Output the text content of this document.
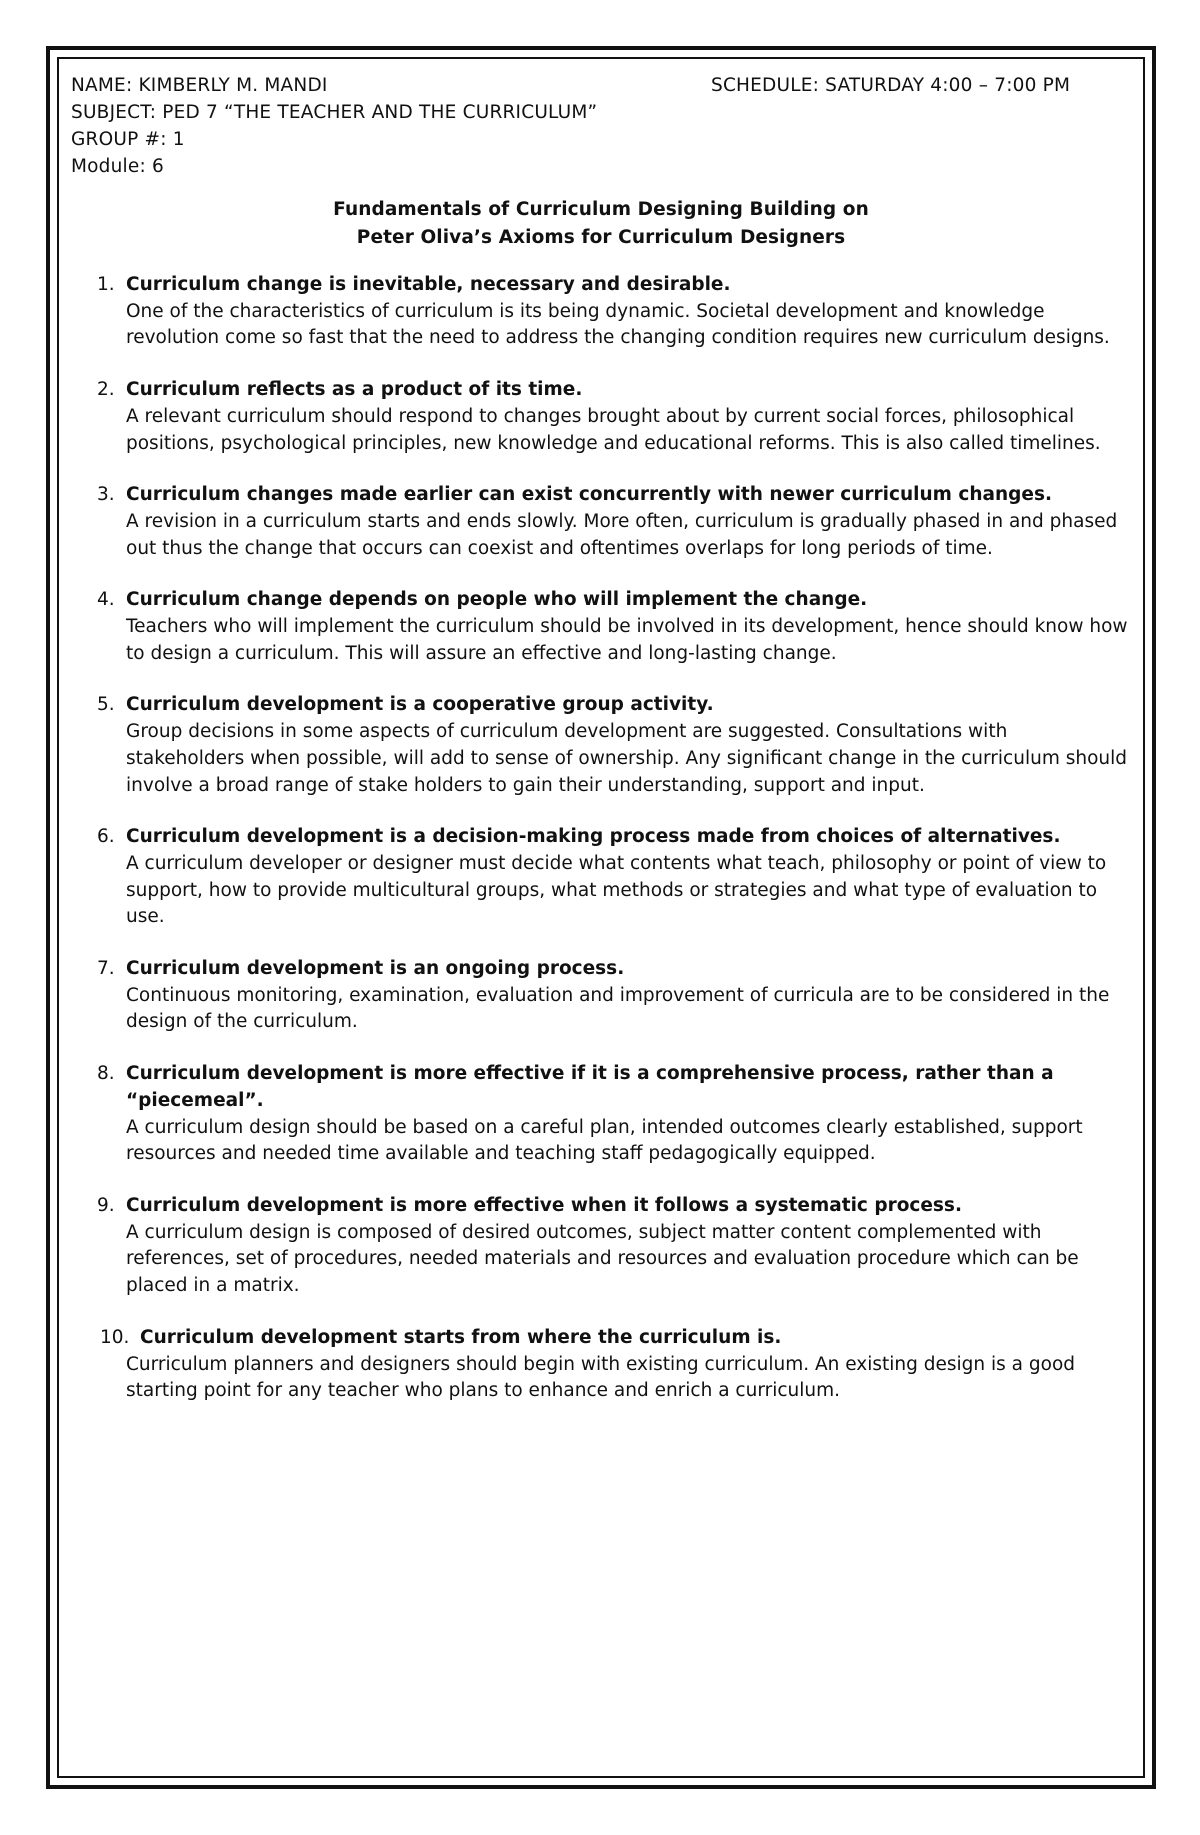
NAME: KIMBERLY M. MANDI	SCHEDULE: SATURDAY 4:00 – 7:00 PM
SUBJECT: PED 7 “THE TEACHER AND THE CURRICULUM”
GROUP #: 1
Module: 6
Fundamentals of Curriculum Designing Building on
Peter Oliva’s Axioms for Curriculum Designers
1. Curriculum change is inevitable, necessary and desirable.
One of the characteristics of curriculum is its being dynamic. Societal development and knowledge revolution come so fast that the need to address the changing condition requires new curriculum designs.
2. Curriculum reflects as a product of its time.
A relevant curriculum should respond to changes brought about by current social forces, philosophical positions, psychological principles, new knowledge and educational reforms. This is also called timelines.
3. Curriculum changes made earlier can exist concurrently with newer curriculum changes.
A revision in a curriculum starts and ends slowly. More often, curriculum is gradually phased in and phased out thus the change that occurs can coexist and oftentimes overlaps for long periods of time.
4. Curriculum change depends on people who will implement the change.
Teachers who will implement the curriculum should be involved in its development, hence should know how to design a curriculum. This will assure an effective and long-lasting change.
5. Curriculum development is a cooperative group activity.
Group decisions in some aspects of curriculum development are suggested. Consultations with stakeholders when possible, will add to sense of ownership. Any significant change in the curriculum should involve a broad range of stake holders to gain their understanding, support and input.
6. Curriculum development is a decision-making process made from choices of alternatives.
A curriculum developer or designer must decide what contents what teach, philosophy or point of view to support, how to provide multicultural groups, what methods or strategies and what type of evaluation to use.
7. Curriculum development is an ongoing process.
Continuous monitoring, examination, evaluation and improvement of curricula are to be considered in the design of the curriculum.
8. Curriculum development is more effective if it is a comprehensive process, rather than a “piecemeal”.
A curriculum design should be based on a careful plan, intended outcomes clearly established, support resources and needed time available and teaching staff pedagogically equipped.
9. Curriculum development is more effective when it follows a systematic process.
A curriculum design is composed of desired outcomes, subject matter content complemented with references, set of procedures, needed materials and resources and evaluation procedure which can be placed in a matrix.
10. Curriculum development starts from where the curriculum is.
Curriculum planners and designers should begin with existing curriculum. An existing design is a good starting point for any teacher who plans to enhance and enrich a curriculum.
